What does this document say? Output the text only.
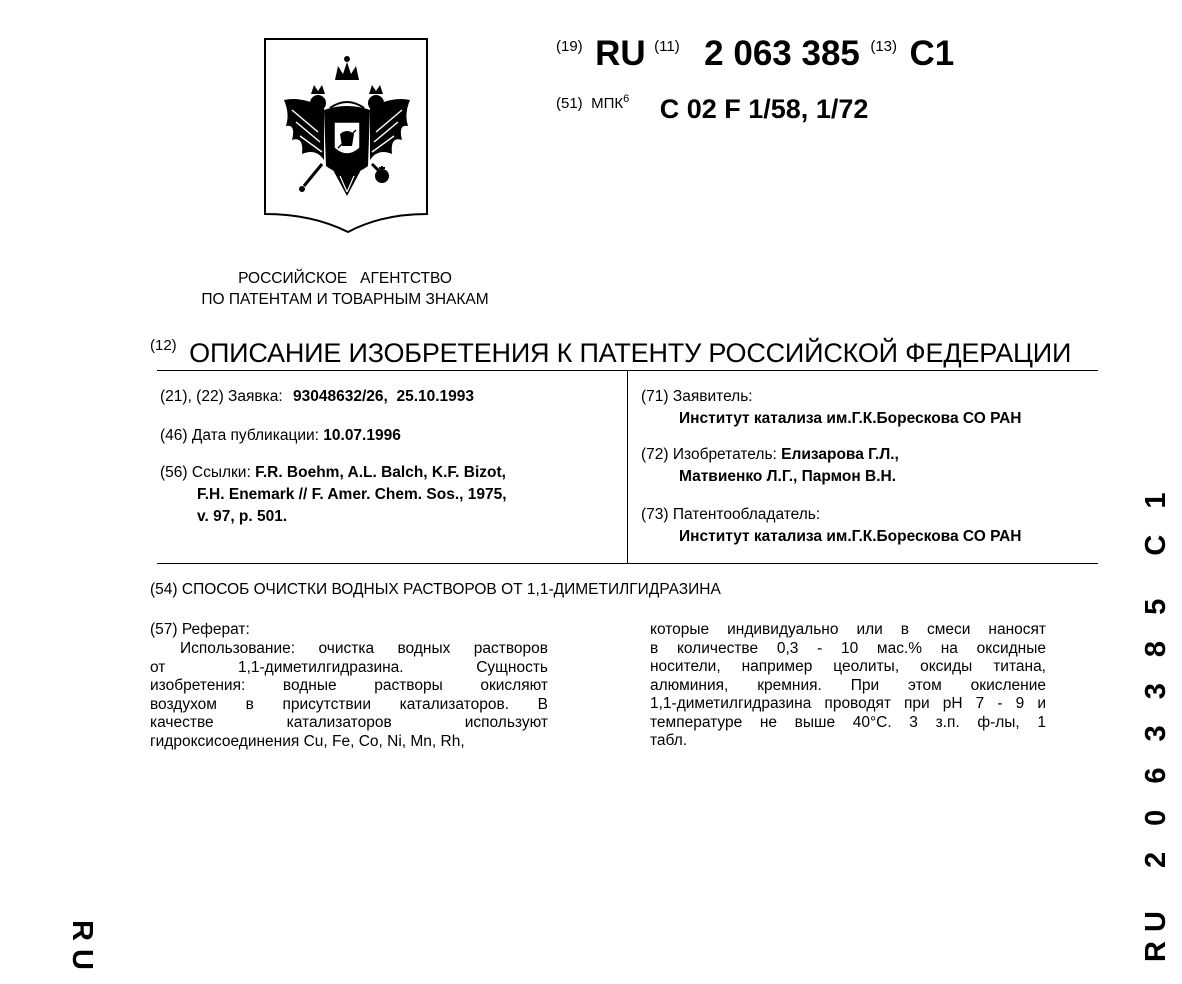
(19) RU (11) 2 063 385 (13) C1
(51) МПК$^6$ C 02 F 1/58, 1/72
РОССИЙСКОЕ   АГЕНТСТВО
ПО ПАТЕНТАМ И ТОВАРНЫМ ЗНАКАМ
(12) ОПИСАНИЕ ИЗОБРЕТЕНИЯ К ПАТЕНТУ РОССИЙСКОЙ ФЕДЕРАЦИИ
(21), (22) Заявка: 93048632/26,  25.10.1993
(46) Дата публикации: 10.07.1996
(56) Ссылки: F.R. Boehm, A.L. Balch, K.F. Bizot,
F.H. Enemark // F. Amer. Chem. Sos., 1975,
v. 97, p. 501.
(71) Заявитель:
Институт катализа им.Г.К.Борескова СО РАН
(72) Изобретатель: Елизарова Г.Л.,
Матвиенко Л.Г., Пармон В.Н.
(73) Патентообладатель:
Институт катализа им.Г.К.Борескова СО РАН
(54) СПОСОБ ОЧИСТКИ ВОДНЫХ РАСТВОРОВ ОТ 1,1-ДИМЕТИЛГИДРАЗИНА
(57) Реферат:
Использование: очистка водных растворов
от    1,1-диметилгидразина.    Сущность
изобретения: водные растворы окисляют
воздухом в присутствии катализаторов. В
качестве    катализаторов    используют
гидроксисоединения Cu, Fe, Co, Ni, Mn, Rh,
которые индивидуально или в смеси наносят
в количестве 0,3 - 10 мас.% на оксидные
носители, например цеолиты, оксиды титана,
алюминия, кремния. При этом окисление
1,1-диметилгидразина проводят при pH 7 - 9 и
температуре не выше 40°С. 3 з.п. ф-лы, 1
табл.	RU  2 0 6 3 3 8 5  C 1
RU
